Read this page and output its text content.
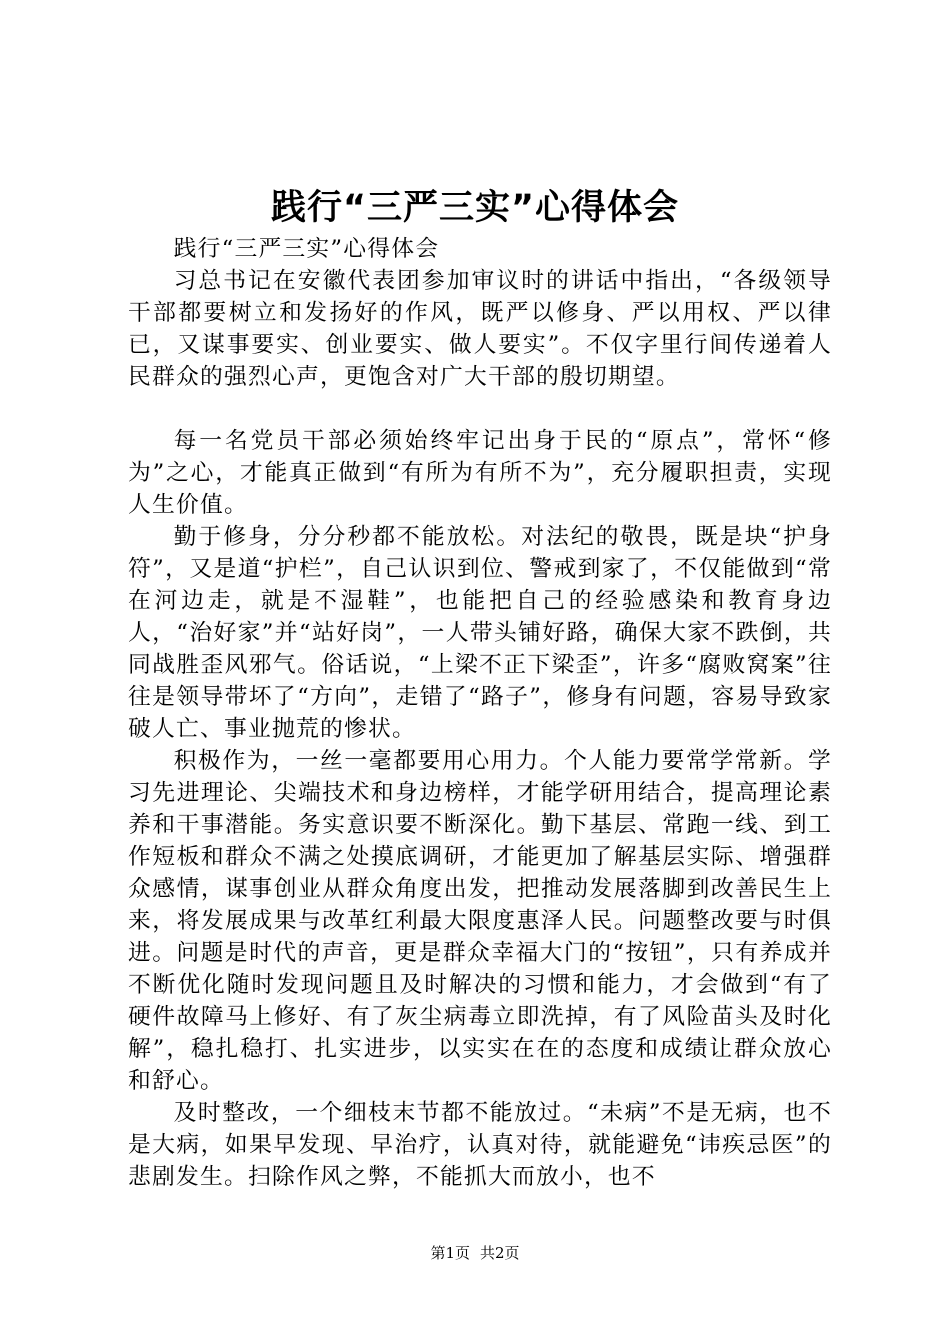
践行“三严三实”心得体会

践行“三严三实”心得体会

习总书记在安徽代表团参加审议时的讲话中指出，“各级领导干部都要树立和发扬好的作风，既严以修身、严以用权、严以律已，又谋事要实、创业要实、做人要实”。不仅字里行间传递着人民群众的强烈心声，更饱含对广大干部的殷切期望。

每一名党员干部必须始终牢记出身于民的“原点”，常怀“修为”之心，才能真正做到“有所为有所不为”，充分履职担责，实现人生价值。

勤于修身，分分秒都不能放松。对法纪的敬畏，既是块“护身符”，又是道“护栏”，自己认识到位、警戒到家了，不仅能做到“常在河边走，就是不湿鞋”，也能把自己的经验感染和教育身边人，“治好家”并“站好岗”，一人带头铺好路，确保大家不跌倒，共同战胜歪风邪气。俗话说，“上梁不正下梁歪”，许多“腐败窝案”往往是领导带坏了“方向”，走错了“路子”，修身有问题，容易导致家破人亡、事业抛荒的惨状。

积极作为，一丝一毫都要用心用力。个人能力要常学常新。学习先进理论、尖端技术和身边榜样，才能学研用结合，提高理论素养和干事潜能。务实意识要不断深化。勤下基层、常跑一线、到工作短板和群众不满之处摸底调研，才能更加了解基层实际、增强群众感情，谋事创业从群众角度出发，把推动发展落脚到改善民生上来，将发展成果与改革红利最大限度惠泽人民。问题整改要与时俱进。问题是时代的声音，更是群众幸福大门的“按钮”，只有养成并不断优化随时发现问题且及时解决的习惯和能力，才会做到“有了硬件故障马上修好、有了灰尘病毒立即洗掉，有了风险苗头及时化解”，稳扎稳打、扎实进步，以实实在在的态度和成绩让群众放心和舒心。

及时整改，一个细枝末节都不能放过。“未病”不是无病，也不是大病，如果早发现、早治疗，认真对待，就能避免“讳疾忌医”的悲剧发生。扫除作风之弊，不能抓大而放小，也不

第1页 共2页
